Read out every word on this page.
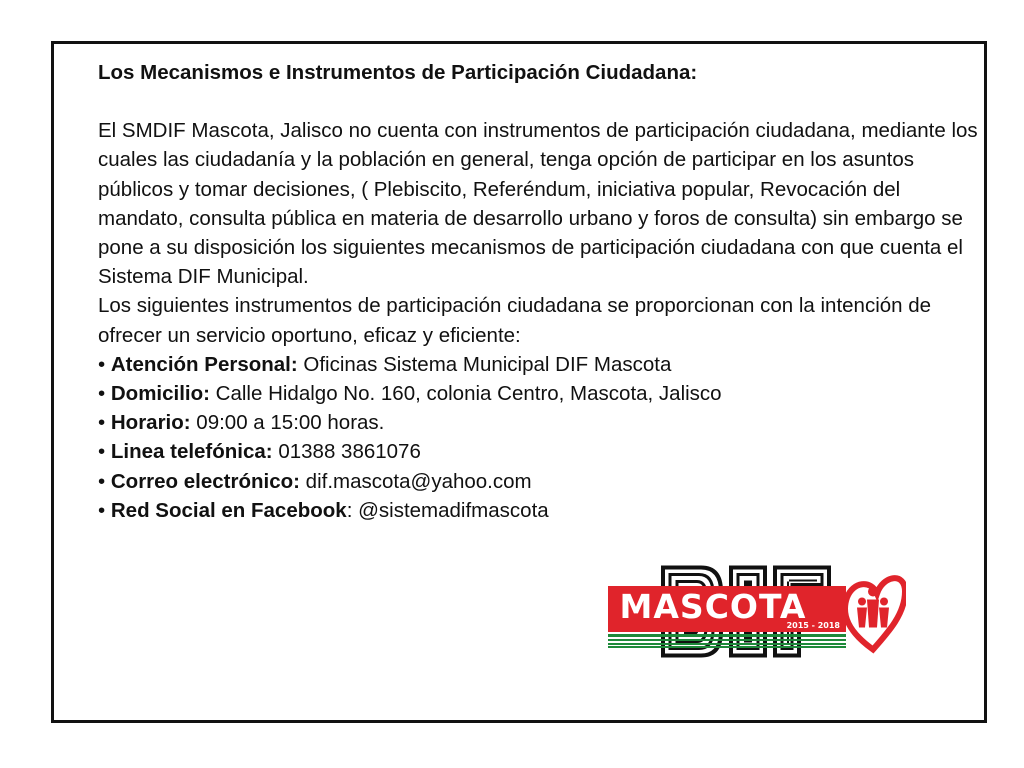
Los Mecanismos e Instrumentos de Participación Ciudadana:

El SMDIF Mascota, Jalisco no cuenta con instrumentos de participación ciudadana, mediante los cuales las ciudadanía y la población en general, tenga opción de participar en los asuntos públicos y tomar decisiones, ( Plebiscito, Referéndum, iniciativa popular, Revocación del mandato, consulta pública en materia de desarrollo urbano y foros de consulta) sin embargo se pone a su disposición los siguientes mecanismos de participación ciudadana con que cuenta el Sistema DIF Municipal.

Los siguientes instrumentos de participación ciudadana se proporcionan con la intención de ofrecer un servicio oportuno, eficaz y eficiente:

• Atención Personal: Oficinas Sistema Municipal DIF Mascota

• Domicilio: Calle Hidalgo No. 160, colonia Centro, Mascota, Jalisco

• Horario: 09:00 a 15:00 horas.

• Linea telefónica: 01388 3861076

• Correo electrónico: dif.mascota@yahoo.com

• Red Social en Facebook: @sistemadifmascota

MASCOTA
2015 - 2018
